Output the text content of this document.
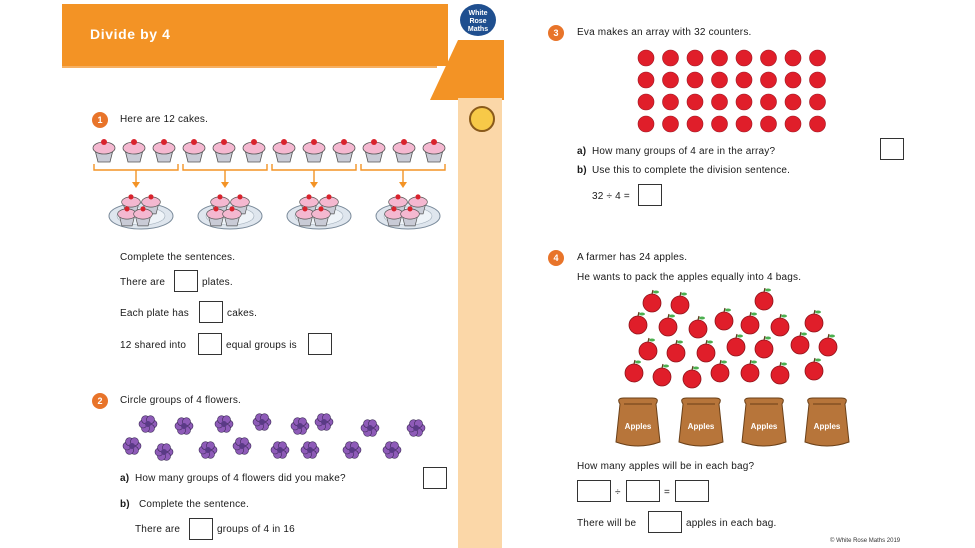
Divide by 4
White
Rose
Maths
1	Here are 12 cakes.
Complete the sentences.
There are	plates.
Each plate has	cakes.
12 shared into	equal groups is
2	Circle groups of 4 flowers.
a) How many groups of 4 flowers did you make?
b) Complete the sentence.
There are	groups of 4 in 16
3	Eva makes an array with 32 counters.
a) How many groups of 4 are in the array?
b) Use this to complete the division sentence.
32 ÷ 4 =
4	A farmer has 24 apples.
He wants to pack the apples equally into 4 bags.
Apples	Apples	Apples	Apples
How many apples will be in each bag?
÷	=
There will be	apples in each bag.
© White Rose Maths 2019
